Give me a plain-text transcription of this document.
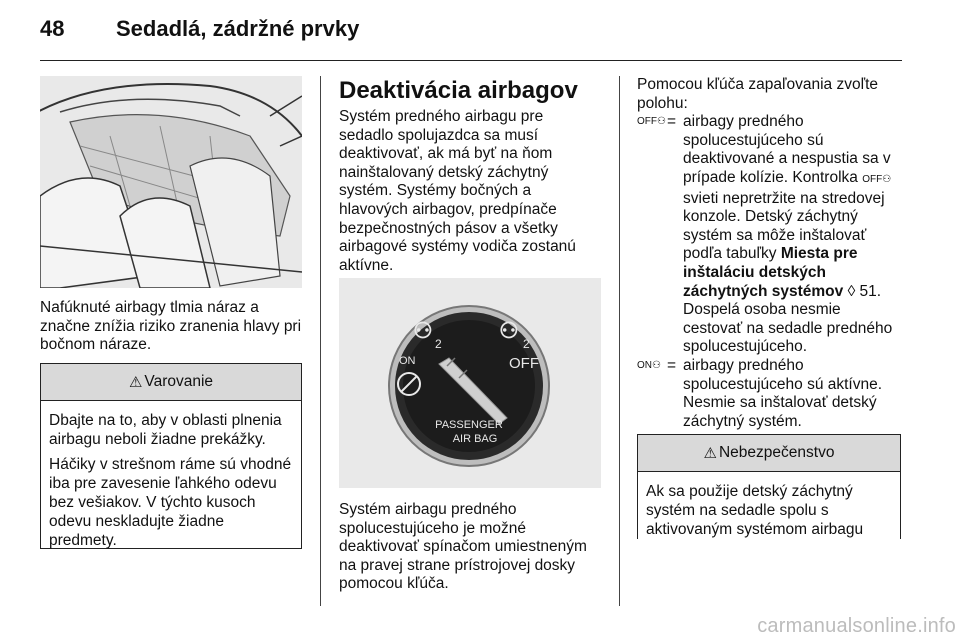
48	Sedadlá, zádržné prvky

Nafúknuté airbagy tlmia náraz a značne znížia riziko zranenia hlavy pri bočnom náraze.

⚠ Varovanie

Dbajte na to, aby v oblasti plnenia airbagu neboli žiadne prekážky.

Háčiky v strešnom ráme sú vhodné iba pre zavesenie ľahkého odevu bez vešiakov. V týchto kusoch odevu neskladujte žiadne predmety.

Deaktivácia airbagov

Systém predného airbagu pre sedadlo spolujazdca sa musí deaktivovať, ak má byť na ňom nainštalovaný detský záchytný systém. Systémy bočných a hlavových airbagov, predpínače bezpečnostných pásov a všetky airbagové systémy vodiča zostanú aktívne.

⚇
2
⚇
2
ON	OFF
PASSENGER
AIR BAG

Systém airbagu predného spolucestujúceho je možné deaktivovať spínačom umiestneným na pravej strane prístrojovej dosky pomocou kľúča.

Pomocou kľúča zapaľovania zvoľte polohu:

OFF⚇ = airbagy predného spolucestujúceho sú deaktivované a nespustia sa v prípade kolízie. Kontrolka OFF⚇ svieti nepretržite na stredovej konzole. Detský záchytný systém sa môže inštalovať podľa tabuľky Miesta pre inštaláciu detských záchytných systémov ◊ 51. Dospelá osoba nesmie cestovať na sedadle predného spolucestujúceho.
ON⚇ = airbagy predného spolucestujúceho sú aktívne. Nesmie sa inštalovať detský záchytný systém.
⚠ Nebezpečenstvo

Ak sa použije detský záchytný systém na sedadle spolu s aktivovaným systémom airbagu

carmanualsonline.info
